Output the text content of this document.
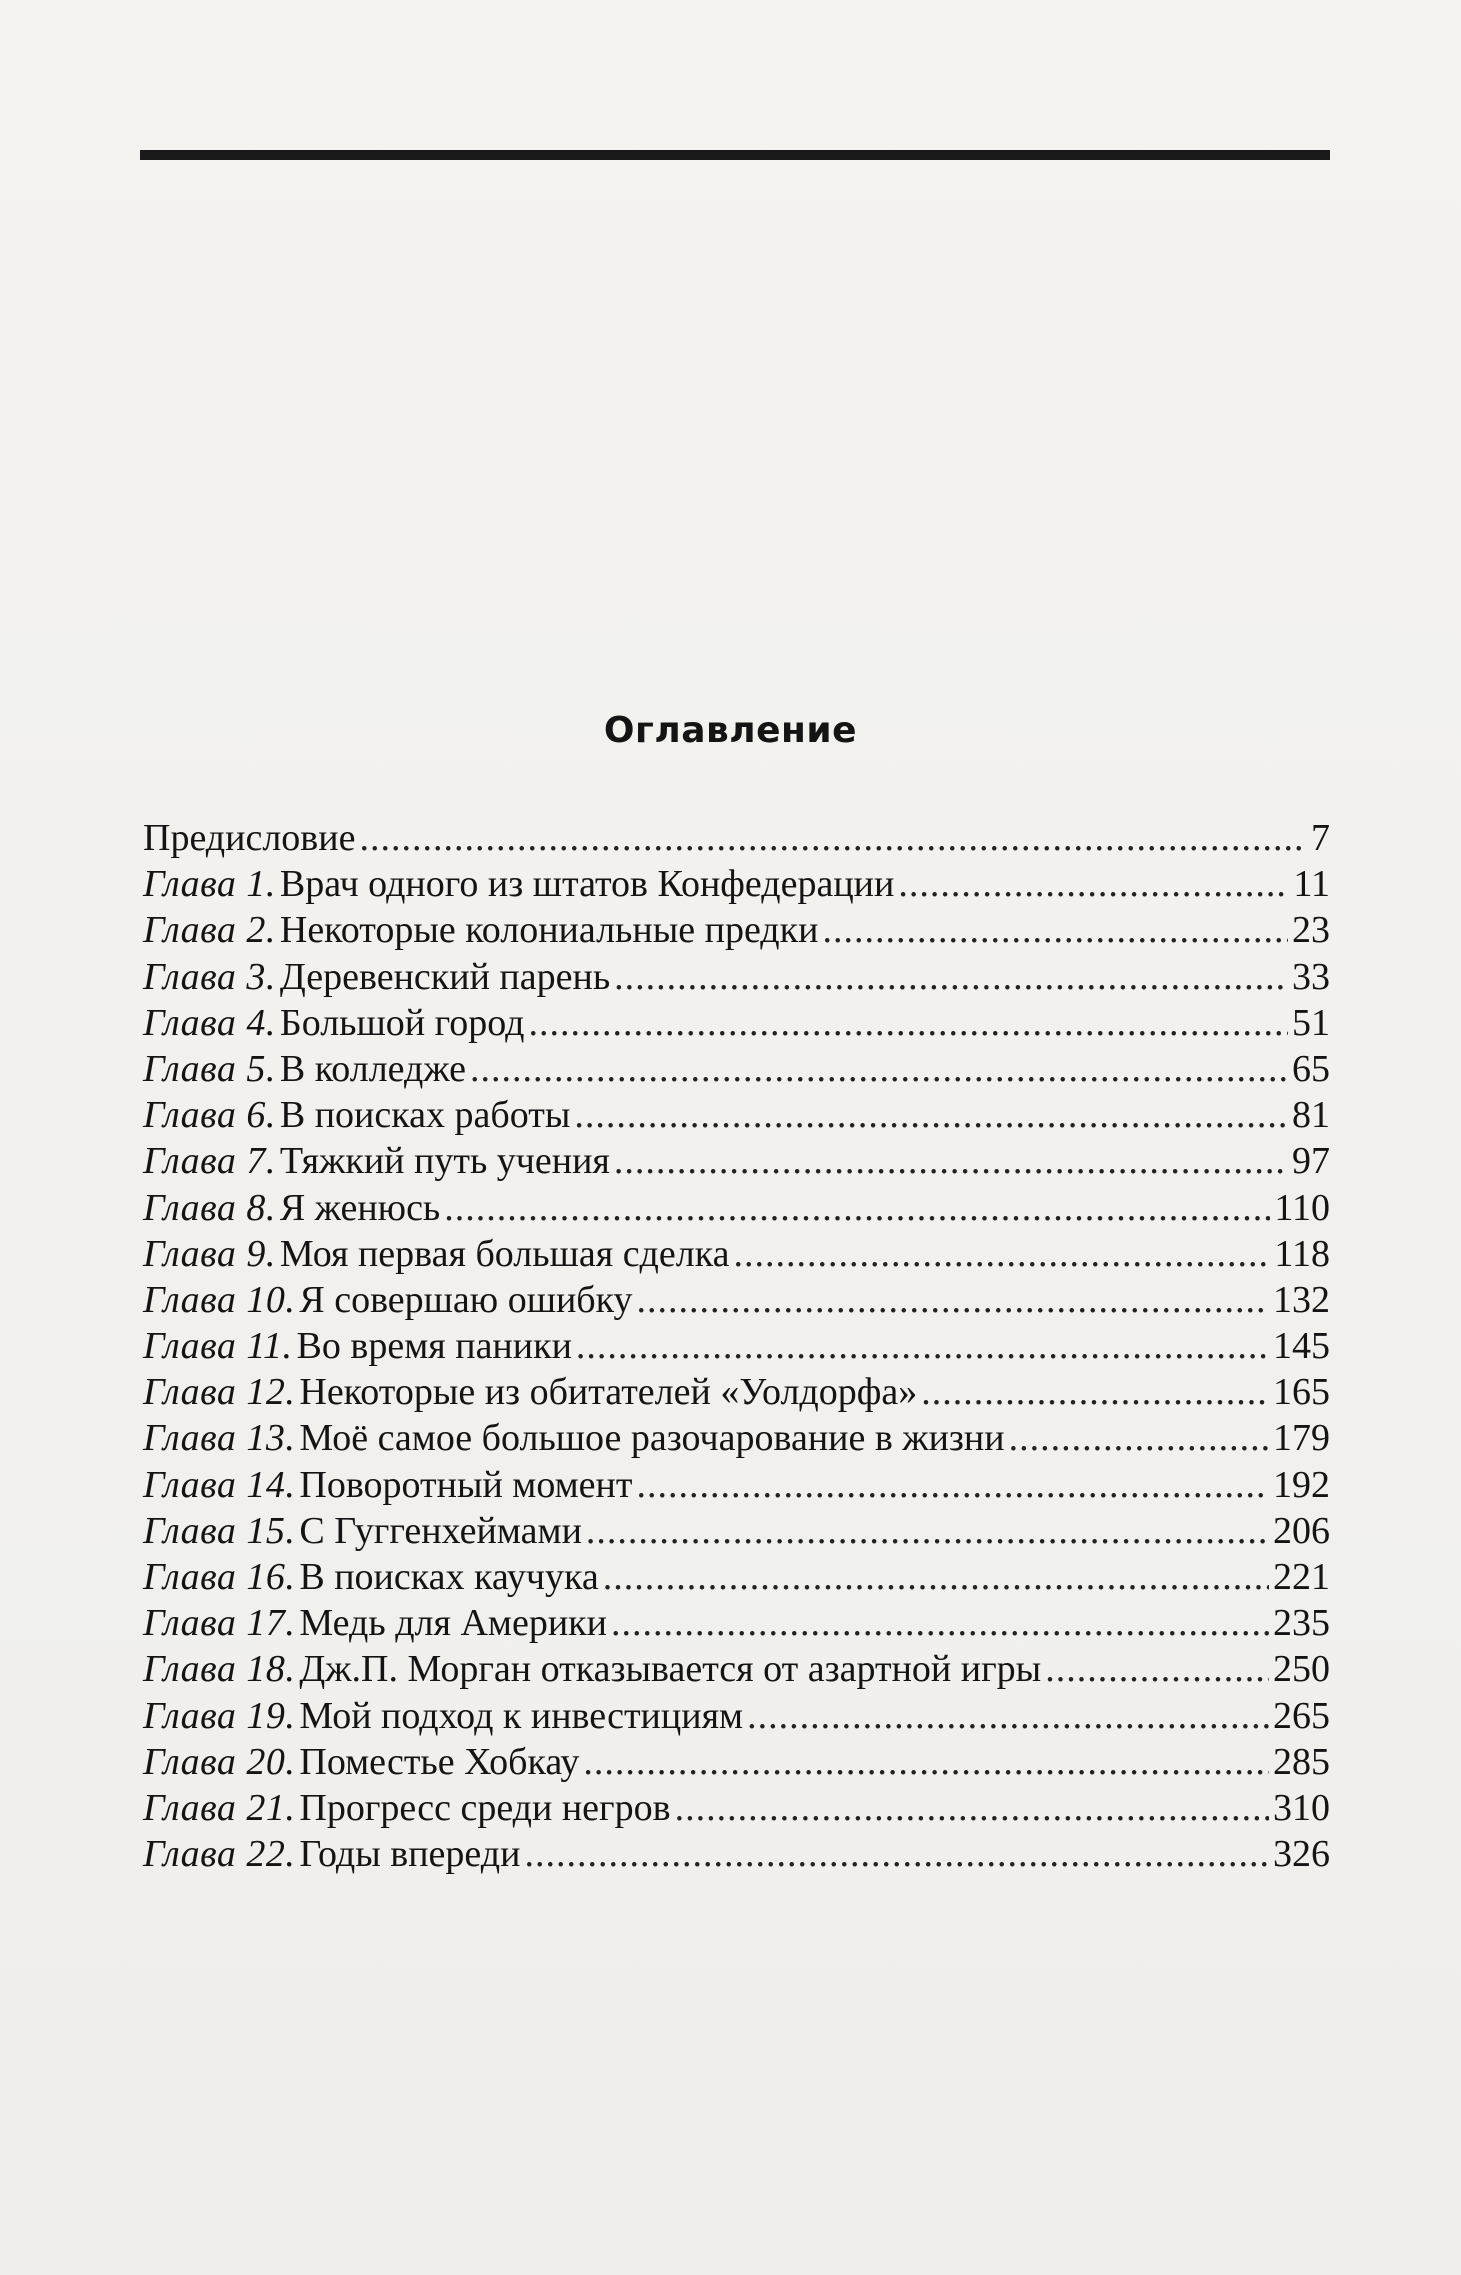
Оглавление
Предисловие .....	7
Глава 1. Врач одного из штатов Конфедерации .....	11
Глава 2. Некоторые колониальные предки .....	23
Глава 3. Деревенский парень .....	33
Глава 4. Большой город .....	51
Глава 5. В колледже .....	65
Глава 6. В поисках работы .....	81
Глава 7. Тяжкий путь учения .....	97
Глава 8. Я женюсь .....	110
Глава 9. Моя первая большая сделка .....	118
Глава 10. Я совершаю ошибку .....	132
Глава 11. Во время паники .....	145
Глава 12. Некоторые из обитателей «Уолдорфа» .....	165
Глава 13. Моё самое большое разочарование в жизни .....	179
Глава 14. Поворотный момент .....	192
Глава 15. С Гуггенхеймами .....	206
Глава 16. В поисках каучука .....	221
Глава 17. Медь для Америки .....	235
Глава 18. Дж.П. Морган отказывается от азартной игры .....	250
Глава 19. Мой подход к инвестициям .....	265
Глава 20. Поместье Хобкау .....	285
Глава 21. Прогресс среди негров .....	310
Глава 22. Годы впереди .....	326
